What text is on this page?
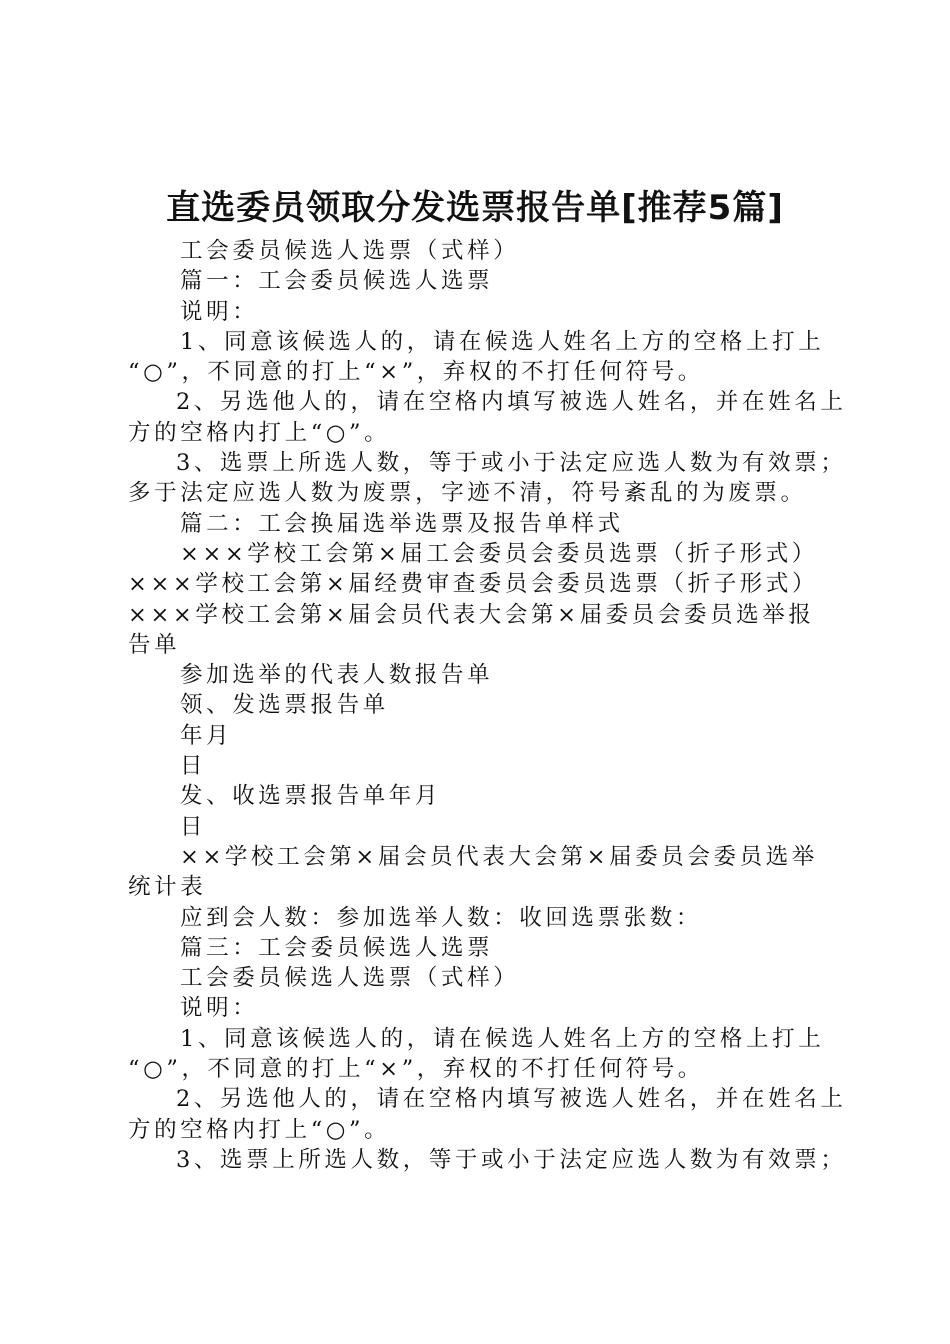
直选委员领取分发选票报告单[推荐5篇]

工会委员候选人选票（式样）

篇一：工会委员候选人选票

说明：

1、同意该候选人的，请在候选人姓名上方的空格上打上

“○”，不同意的打上“×”，弃权的不打任何符号。

2、另选他人的，请在空格内填写被选人姓名，并在姓名上

方的空格内打上“○”。

3、选票上所选人数，等于或小于法定应选人数为有效票；

多于法定应选人数为废票，字迹不清，符号紊乱的为废票。

篇二：工会换届选举选票及报告单样式

×××学校工会第×届工会委员会委员选票（折子形式）

×××学校工会第×届经费审查委员会委员选票（折子形式）

×××学校工会第×届会员代表大会第×届委员会委员选举报

告单

参加选举的代表人数报告单

领、发选票报告单

年月

日

发、收选票报告单年月

日

××学校工会第×届会员代表大会第×届委员会委员选举

统计表

应到会人数：参加选举人数：收回选票张数：

篇三：工会委员候选人选票

工会委员候选人选票（式样）

说明：

1、同意该候选人的，请在候选人姓名上方的空格上打上

“○”，不同意的打上“×”，弃权的不打任何符号。

2、另选他人的，请在空格内填写被选人姓名，并在姓名上

方的空格内打上“○”。

3、选票上所选人数，等于或小于法定应选人数为有效票；
